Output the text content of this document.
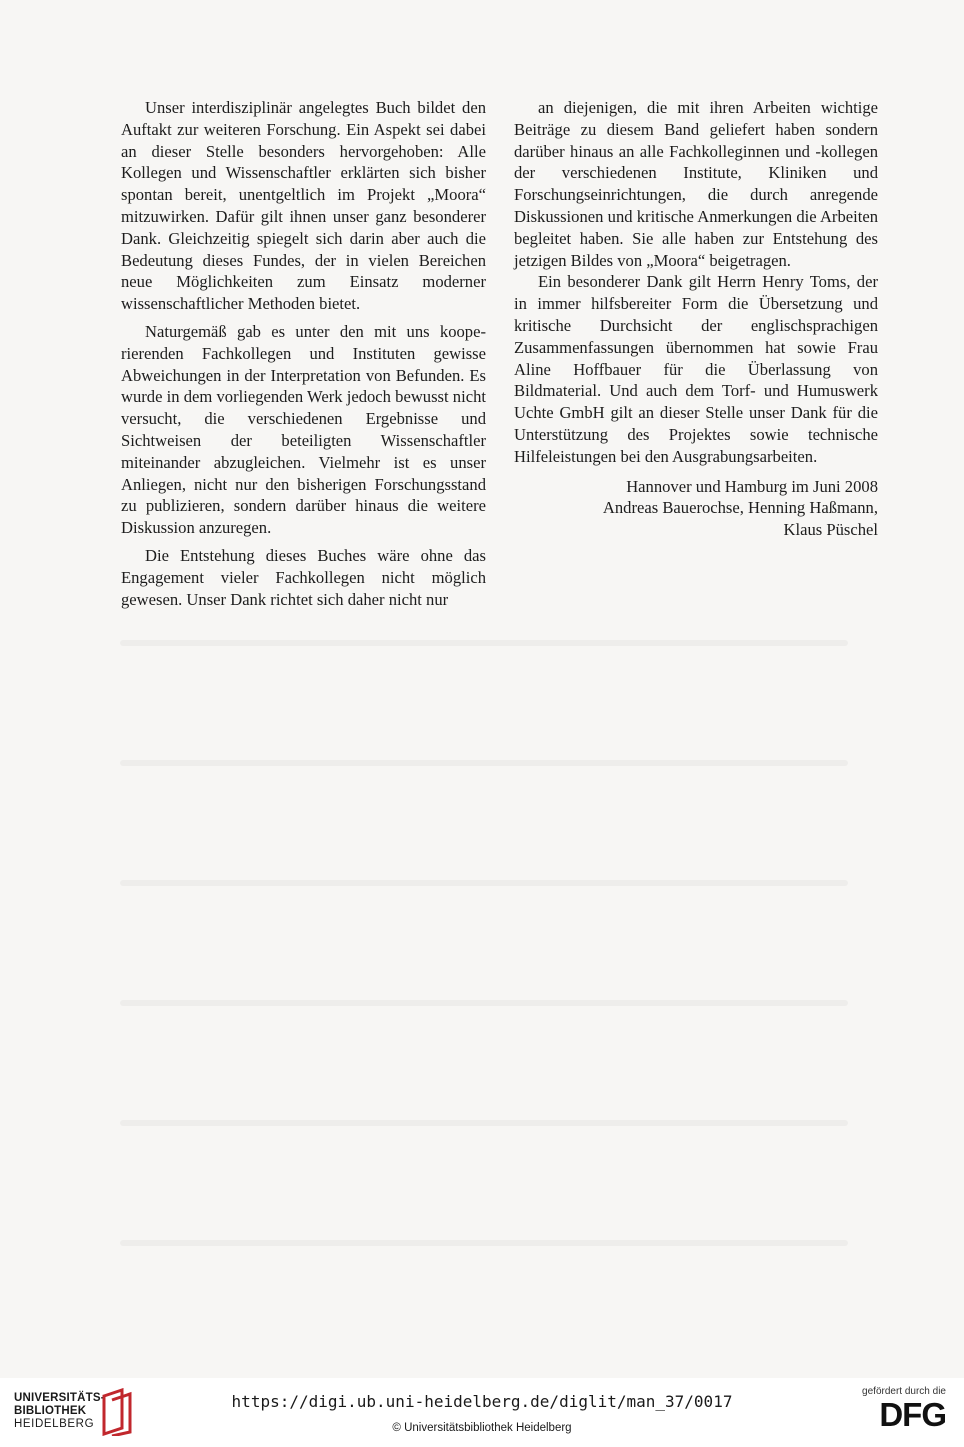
Unser interdisziplinär angelegtes Buch bildet den Auftakt zur weiteren Forschung. Ein Aspekt sei dabei an dieser Stelle besonders hervorgehoben: Alle Kollegen und Wissenschaftler erklärten sich bisher spontan bereit, unentgeltlich im Projekt „Moora“ mitzuwirken. Dafür gilt ihnen unser ganz besonderer Dank. Gleichzeitig spiegelt sich darin aber auch die Bedeutung dieses Fundes, der in vielen Bereichen neue Möglichkeiten zum Einsatz moderner wissenschaftlicher Methoden bietet.

Naturgemäß gab es unter den mit uns kooperierenden Fachkollegen und Instituten gewisse Abweichungen in der Interpretation von Befunden. Es wurde in dem vorliegenden Werk jedoch bewusst nicht versucht, die verschiedenen Ergebnisse und Sichtweisen der beteiligten Wissenschaftler miteinander abzugleichen. Vielmehr ist es unser Anliegen, nicht nur den bisherigen Forschungsstand zu publizieren, sondern darüber hinaus die weitere Diskussion anzuregen.

Die Entstehung dieses Buches wäre ohne das Engagement vieler Fachkollegen nicht möglich gewesen. Unser Dank richtet sich daher nicht nur

an diejenigen, die mit ihren Arbeiten wichtige Beiträge zu diesem Band geliefert haben sondern darüber hinaus an alle Fachkolleginnen und -kollegen der verschiedenen Institute, Kliniken und Forschungseinrichtungen, die durch anregende Diskussionen und kritische Anmerkungen die Arbeiten begleitet haben. Sie alle haben zur Entstehung des jetzigen Bildes von „Moora“ beigetragen.

Ein besonderer Dank gilt Herrn Henry Toms, der in immer hilfsbereiter Form die Übersetzung und kritische Durchsicht der englischsprachigen Zusammenfassungen übernommen hat sowie Frau Aline Hoffbauer für die Überlassung von Bildmaterial. Und auch dem Torf- und Humuswerk Uchte GmbH gilt an dieser Stelle unser Dank für die Unterstützung des Projektes sowie technische Hilfeleistungen bei den Ausgrabungsarbeiten.

Hannover und Hamburg im Juni 2008
Andreas Bauerochse, Henning Haßmann,
Klaus Püschel
UNIVERSITÄTS-
BIBLIOTHEK
HEIDELBERG
https://digi.ub.uni-heidelberg.de/diglit/man_37/0017
© Universitätsbibliothek Heidelberg
gefördert durch die
DFG
